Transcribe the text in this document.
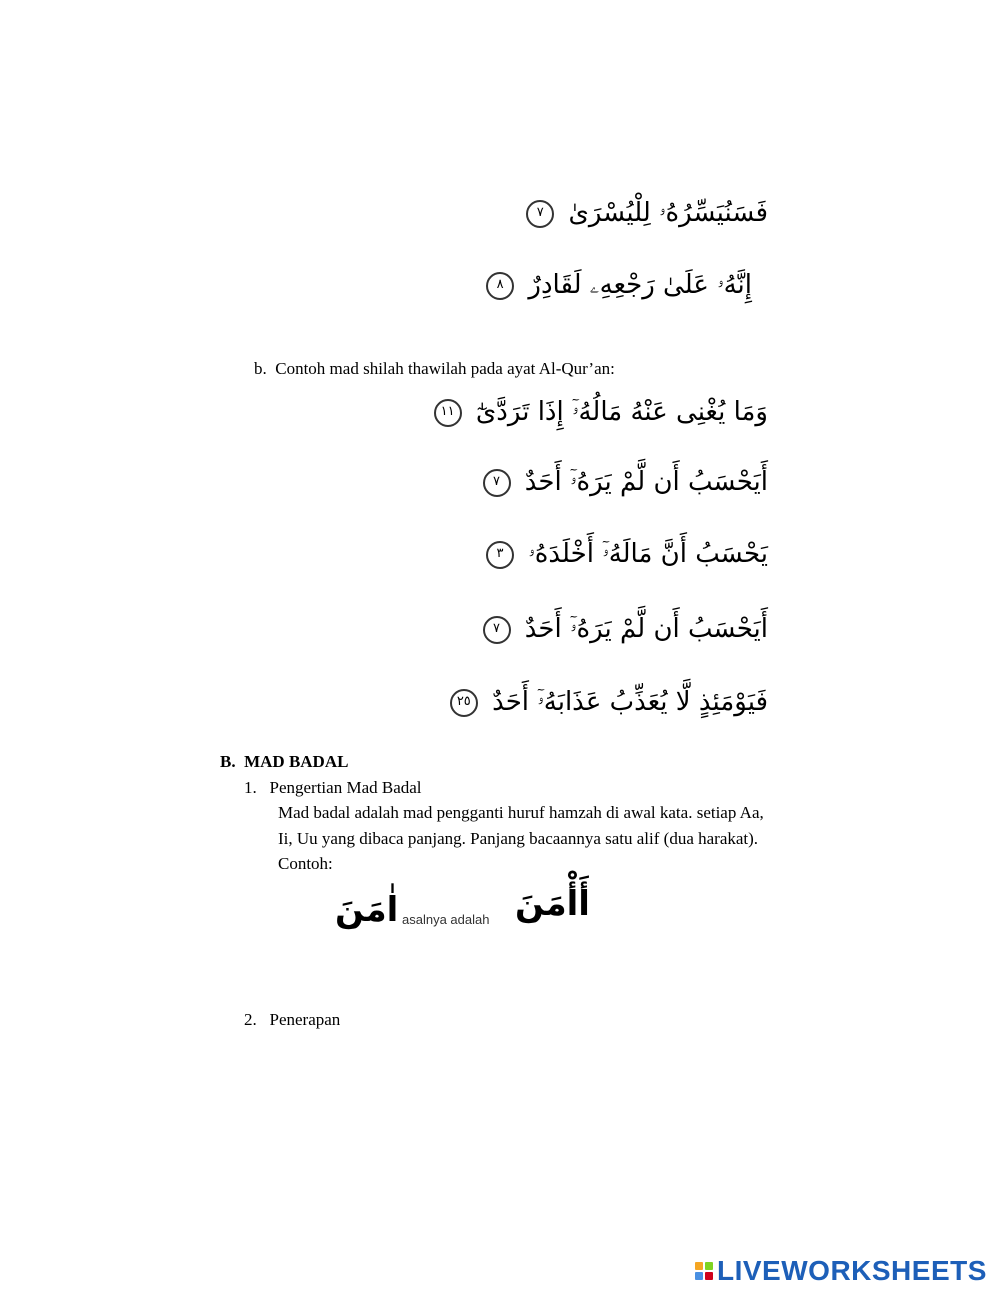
فَسَنُيَسِّرُهُۥ لِلْيُسْرَىٰ ٧
إِنَّهُۥ عَلَىٰ رَجْعِهِۦ لَقَادِرٌ ٨
b. Contoh mad shilah thawilah pada ayat Al-Qur’an:
وَمَا يُغْنِى عَنْهُ مَالُهُۥٓ إِذَا تَرَدَّىٰٓ ١١
أَيَحْسَبُ أَن لَّمْ يَرَهُۥٓ أَحَدٌ ٧
يَحْسَبُ أَنَّ مَالَهُۥٓ أَخْلَدَهُۥ ٣
أَيَحْسَبُ أَن لَّمْ يَرَهُۥٓ أَحَدٌ ٧
فَيَوْمَئِذٍ لَّا يُعَذِّبُ عَذَابَهُۥٓ أَحَدٌ ٢٥
B. MAD BADAL
1. Pengertian Mad Badal
Mad badal adalah mad pengganti huruf hamzah di awal kata. setiap Aa,
Ii, Uu yang dibaca panjang. Panjang bacaannya satu alif (dua harakat).
Contoh:
اٰمَنَ asalnya adalah أَأْمَنَ
2. Penerapan
LIVEWORKSHEETS
